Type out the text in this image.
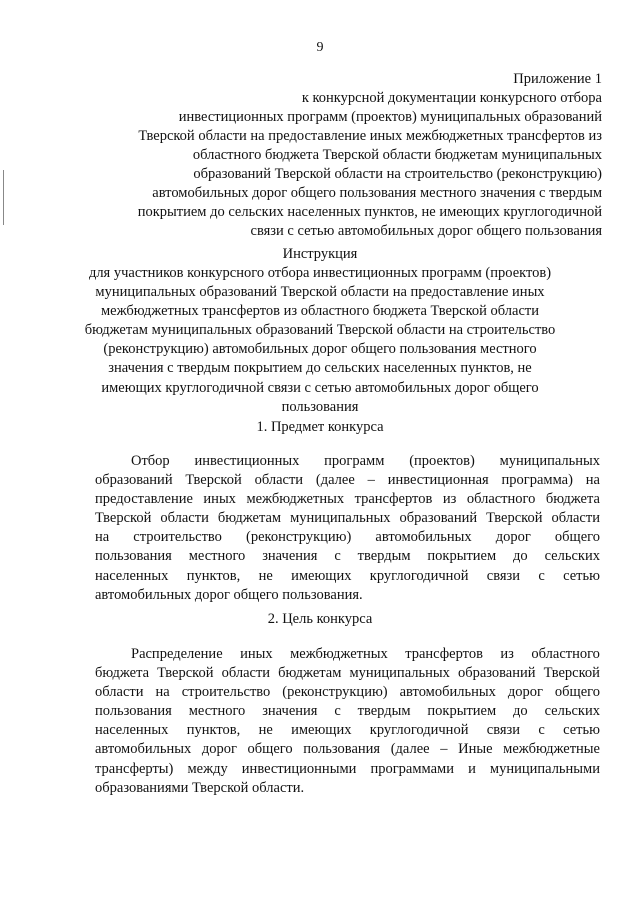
9
Приложение 1
к конкурсной документации конкурсного отбора
инвестиционных программ (проектов) муниципальных образований
Тверской области на предоставление иных межбюджетных трансфертов из
областного бюджета Тверской области бюджетам муниципальных
образований Тверской области на строительство (реконструкцию)
автомобильных дорог общего пользования местного значения с твердым
покрытием до сельских населенных пунктов, не имеющих круглогодичной
связи с сетью автомобильных дорог общего пользования
Инструкция
для участников конкурсного отбора инвестиционных программ (проектов)
муниципальных образований Тверской области на предоставление иных
межбюджетных трансфертов из областного бюджета Тверской области
бюджетам муниципальных образований Тверской области на строительство
(реконструкцию) автомобильных дорог общего пользования местного
значения с твердым покрытием до сельских населенных пунктов, не
имеющих круглогодичной связи с сетью автомобильных дорог общего
пользования
1. Предмет конкурса
Отбор инвестиционных программ (проектов) муниципальных
образований Тверской области (далее – инвестиционная программа) на
предоставление иных межбюджетных трансфертов из областного бюджета
Тверской области бюджетам муниципальных образований Тверской области
на строительство (реконструкцию) автомобильных дорог общего
пользования местного значения с твердым покрытием до сельских
населенных пунктов, не имеющих круглогодичной связи с сетью
автомобильных дорог общего пользования.
2. Цель конкурса
Распределение иных межбюджетных трансфертов из областного
бюджета Тверской области бюджетам муниципальных образований Тверской
области на строительство (реконструкцию) автомобильных дорог общего
пользования местного значения с твердым покрытием до сельских
населенных пунктов, не имеющих круглогодичной связи с сетью
автомобильных дорог общего пользования (далее – Иные межбюджетные
трансферты) между инвестиционными программами и муниципальными
образованиями Тверской области.
